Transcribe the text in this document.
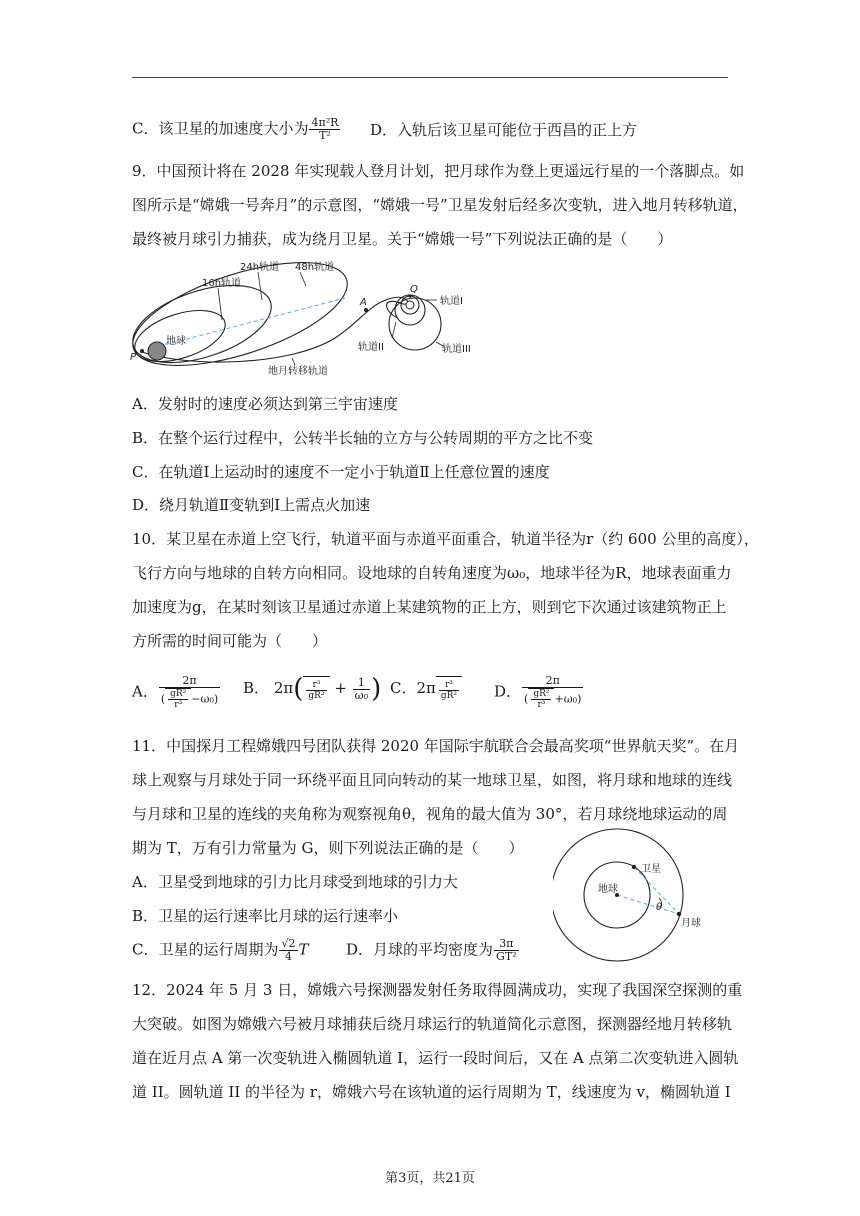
C．该卫星的加速度大小为 $\frac{\text{4π²R}}{\text{T²}}$ D．入轨后该卫星可能位于西昌的正上方
9．中国预计将在 2028 年实现载人登月计划，把月球作为登上更遥远行星的一个落脚点。如
图所示是“嫦娥一号奔月”的示意图，“嫦娥一号”卫星发射后经多次变轨，进入地月转移轨道，
最终被月球引力捕获，成为绕月卫星。关于“嫦娥一号”下列说法正确的是（　　）
16h轨道
24h轨道 48h轨道
地球
地月转移轨道
P
A
Q
轨道I
轨道II	轨道III
A．发射时的速度必须达到第三宇宙速度
B．在整个运行过程中，公转半长轴的立方与公转周期的平方之比不变
C．在轨道Ⅰ上运动时的速度不一定小于轨道Ⅱ上任意位置的速度
D．绕月轨道Ⅱ变轨到Ⅰ上需点火加速
10．某卫星在赤道上空飞行，轨道平面与赤道平面重合，轨道半径为r（约 600 公里的高度），
飞行方向与地球的自转方向相同。设地球的自转角速度为ω₀，地球半径为R，地球表面重力
加速度为g，在某时刻该卫星通过赤道上某建筑物的正上方，则到它下次通过该建筑物正上
方所需的时间可能为（　　）
A． $\frac{2\pi}{( \frac{\text{gR²}}{\text{r³}} -\omega_0)}$ B． $2\pi( \frac{\text{r³}}{\text{gR²}} + \frac{1}{\text{ω₀}}$ ) C．$2\pi \frac{\text{r³}}{\text{gR²}}$ D． $\frac{2\pi}{( \frac{\text{gR²}}{\text{r³}} +\omega_0)}$
11．中国探月工程嫦娥四号团队获得 2020 年国际宇航联合会最高奖项“世界航天奖”。在月
球上观察与月球处于同一环绕平面且同向转动的某一地球卫星，如图，将月球和地球的连线
与月球和卫星的连线的夹角称为观察视角θ，视角的最大值为 30°，若月球绕地球运动的周
期为 T，万有引力常量为 G，则下列说法正确的是（　　）
A．卫星受到地球的引力比月球受到地球的引力大
B．卫星的运行速率比月球的运行速率小
C．卫星的运行周期为 $\frac{√2}{4}$ T D．月球的平均密度为 $\frac{3\pi}{\text{GT²}}$
地球
卫星
月球
θ
12．2024 年 5 月 3 日，嫦娥六号探测器发射任务取得圆满成功，实现了我国深空探测的重
大突破。如图为嫦娥六号被月球捕获后绕月球运行的轨道简化示意图，探测器经地月转移轨
道在近月点 A 第一次变轨进入椭圆轨道 I，运行一段时间后，又在 A 点第二次变轨进入圆轨
道 II。圆轨道 II 的半径为 r，嫦娥六号在该轨道的运行周期为 T，线速度为 v，椭圆轨道 I
第3页，共21页
